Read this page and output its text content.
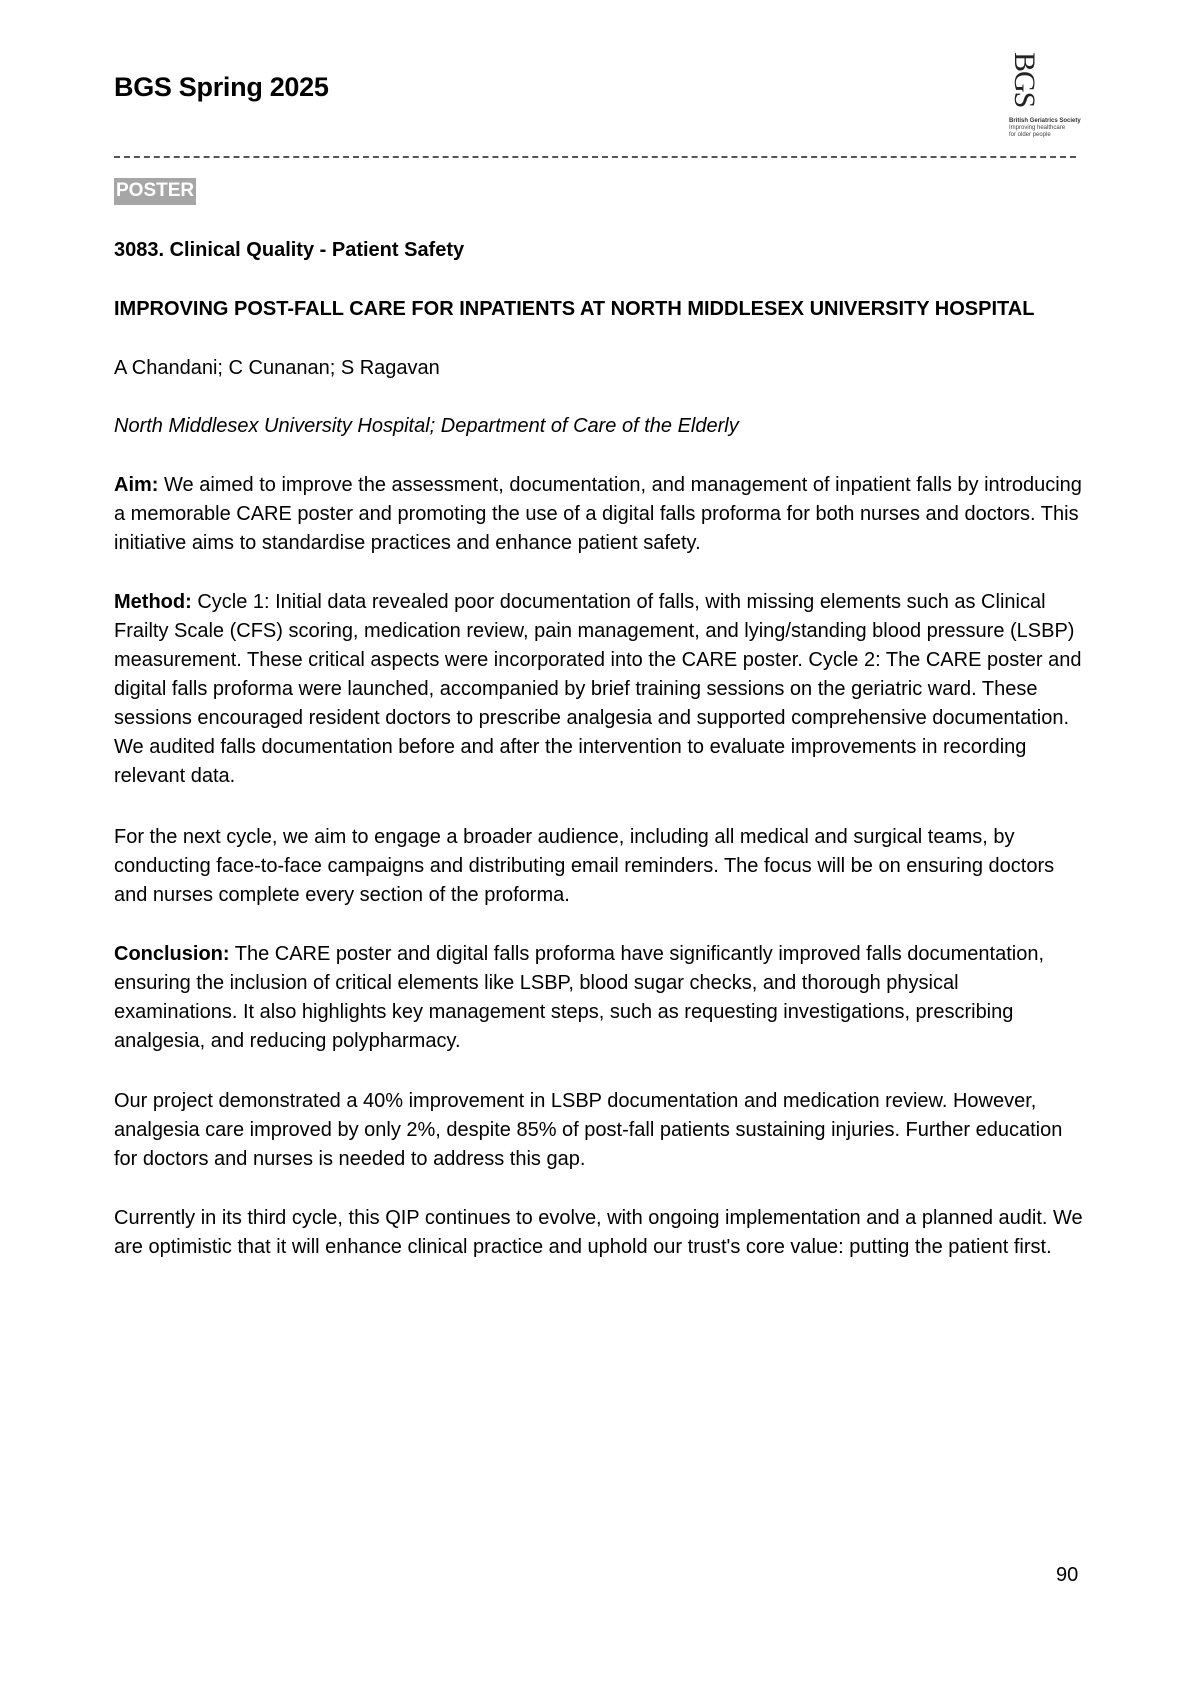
BGS Spring 2025	BGS
British Geriatrics Society
Improving healthcare
for older people
POSTER
3083. Clinical Quality - Patient Safety
IMPROVING POST-FALL CARE FOR INPATIENTS AT NORTH MIDDLESEX UNIVERSITY HOSPITAL
A Chandani; C Cunanan; S Ragavan
North Middlesex University Hospital; Department of Care of the Elderly
Aim: We aimed to improve the assessment, documentation, and management of inpatient falls by introducing a memorable CARE poster and promoting the use of a digital falls proforma for both nurses and doctors. This initiative aims to standardise practices and enhance patient safety.
Method: Cycle 1: Initial data revealed poor documentation of falls, with missing elements such as Clinical Frailty Scale (CFS) scoring, medication review, pain management, and lying/standing blood pressure (LSBP) measurement. These critical aspects were incorporated into the CARE poster. Cycle 2: The CARE poster and digital falls proforma were launched, accompanied by brief training sessions on the geriatric ward. These sessions encouraged resident doctors to prescribe analgesia and supported comprehensive documentation. We audited falls documentation before and after the intervention to evaluate improvements in recording relevant data.
For the next cycle, we aim to engage a broader audience, including all medical and surgical teams, by conducting face-to-face campaigns and distributing email reminders. The focus will be on ensuring doctors and nurses complete every section of the proforma.
Conclusion: The CARE poster and digital falls proforma have significantly improved falls documentation, ensuring the inclusion of critical elements like LSBP, blood sugar checks, and thorough physical examinations. It also highlights key management steps, such as requesting investigations, prescribing analgesia, and reducing polypharmacy.
Our project demonstrated a 40% improvement in LSBP documentation and medication review. However, analgesia care improved by only 2%, despite 85% of post-fall patients sustaining injuries. Further education for doctors and nurses is needed to address this gap.
Currently in its third cycle, this QIP continues to evolve, with ongoing implementation and a planned audit. We are optimistic that it will enhance clinical practice and uphold our trust's core value: putting the patient first.
90
